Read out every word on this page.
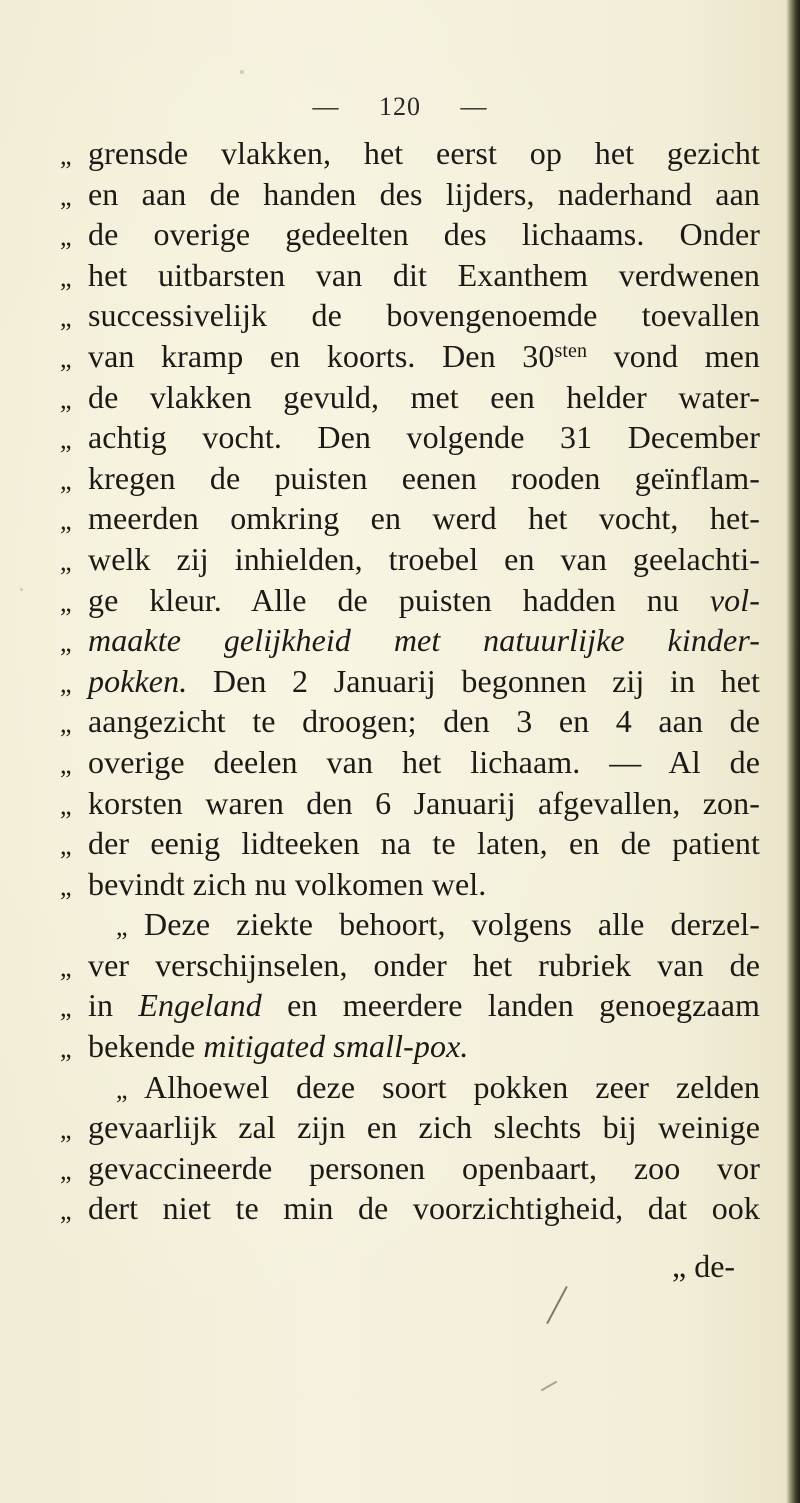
— 120 —
„ grensde vlakken, het eerst op het gezicht
„ en aan de handen des lijders, naderhand aan
„ de overige gedeelten des lichaams. Onder
„ het uitbarsten van dit Exanthem verdwenen
„ successivelijk de bovengenoemde toevallen
„ van kramp en koorts. Den $30^{sten}$ vond men
„ de vlakken gevuld, met een helder water-
„ achtig vocht. Den volgende 31 December
„ kregen de puisten eenen rooden geïnflam-
„ meerden omkring en werd het vocht, het-
„ welk zij inhielden, troebel en van geelachti-
„ ge kleur. Alle de puisten hadden nu vol-
„ maakte gelijkheid met natuurlijke kinder-
„ pokken. Den 2 Januarij begonnen zij in het
„ aangezicht te droogen; den 3 en 4 aan de
„ overige deelen van het lichaam. — Al de
„ korsten waren den 6 Januarij afgevallen, zon-
„ der eenig lidteeken na te laten, en de patient
„ bevindt zich nu volkomen wel.
„ Deze ziekte behoort, volgens alle derzel-
„ ver verschijnselen, onder het rubriek van de
„ in Engeland en meerdere landen genoegzaam
„ bekende mitigated small-pox.
„ Alhoewel deze soort pokken zeer zelden
„ gevaarlijk zal zijn en zich slechts bij weinige
„ gevaccineerde personen openbaart, zoo vor
„ dert niet te min de voorzichtigheid, dat ook
„ de-
